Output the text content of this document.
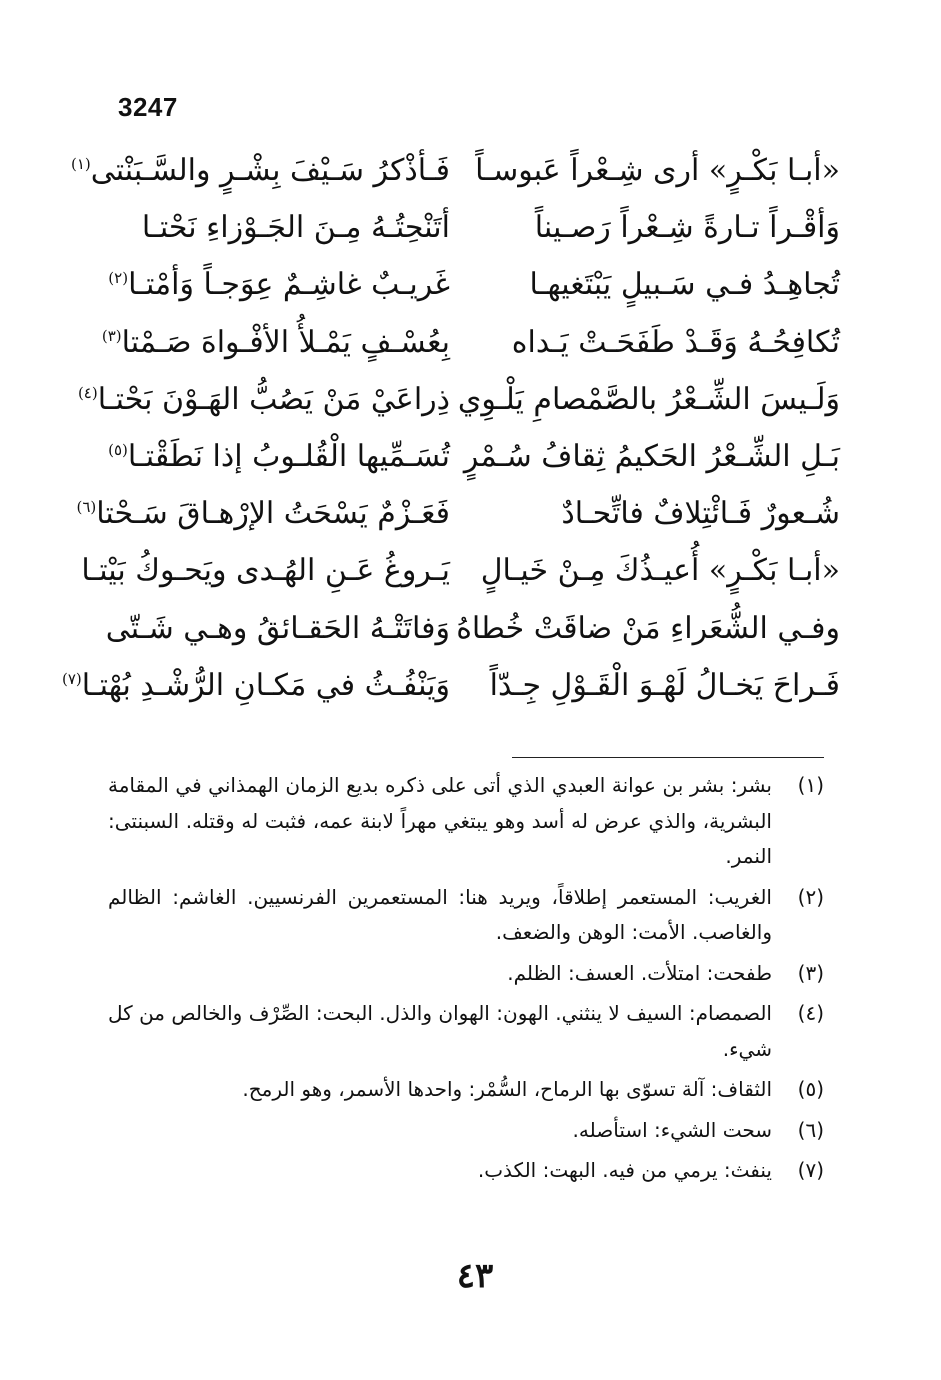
3247
«أبـا بَكْـرٍ» أرى شِـعْراً عَبوسـاً
فَـأذْكرُ سَـيْفَ بِشْـرٍ والسَّـبَنْتى$^{(١)}$
وَأقْـراً تـارةً شِـعْراً رَصـيناً
أتَنْحِتُـهُ مِـنَ الجَـوْزاءِ نَحْتـا
تُجاهِـدُ فـي سَـبيلٍ يَبْتَغيهـا
غَريـبٌ غاشِـمٌ عِوَجـاً وَأمْتـا$^{(٢)}$
تُكافِحُـهُ وَقَـدْ طَفَحَـتْ يَـداه
بِعُسْـفٍ يَمْـلأُ الأفْـواهَ صَـمْتا$^{(٣)}$
وَلَـيسَ الشِّـعْرُ بالصَّمْصامِ يَلْـوِي
ذِراعَيْ مَنْ يَصُبُّ الهَـوْنَ بَحْتـا$^{(٤)}$
بَـلِ الشِّـعْرُ الحَكيمُ ثِقافُ سُـمْرٍ
تُسَـمِّيها الْقُلـوبُ إذا نَطَقْتـا$^{(٥)}$
شُـعورٌ فَـائْتِلافٌ فاتِّحـادٌ
فَعَـزْمٌ يَسْحَتُ الإرْهـاقَ سَـحْتا$^{(٦)}$
«أبـا بَكْـرٍ» أُعيـذُكَ مِـنْ خَيـالٍ
يَـروغُ عَـنِ الهُـدى ويَحـوكُ بَيْتـا
وفـي الشُّعَراءِ مَنْ ضاقَتْ خُطاهُ
وَفاتَتْـهُ الحَقـائقُ وهـي شَـتّى
فَـراحَ يَخـالُ لَهْـوَ الْقَـوْلِ جِـدّاً
وَيَنْفُـثُ في مَكـانِ الرُّشْـدِ بُهْتـا$^{(٧)}$
(١)
بشر: بشر بن عوانة العبدي الذي أتى على ذكره بديع الزمان الهمذاني في المقامة البشرية، والذي عرض له أسد وهو يبتغي مهراً لابنة عمه، فثبت له وقتله. السبنتى: النمر.
(٢)
الغريب: المستعمر إطلاقاً، ويريد هنا: المستعمرين الفرنسيين. الغاشم: الظالم والغاصب. الأمت: الوهن والضعف.
(٣)
طفحت: امتلأت. العسف: الظلم.
(٤)
الصمصام: السيف لا ينثني. الهون: الهوان والذل. البحت: الصِّرْف والخالص من كل شيء.
(٥)
الثقاف: آلة تسوّى بها الرماح، السُّمْر: واحدها الأسمر، وهو الرمح.
(٦)
سحت الشيء: استأصله.
(٧)
ينفث: يرمي من فيه. البهت: الكذب.
٤٣
